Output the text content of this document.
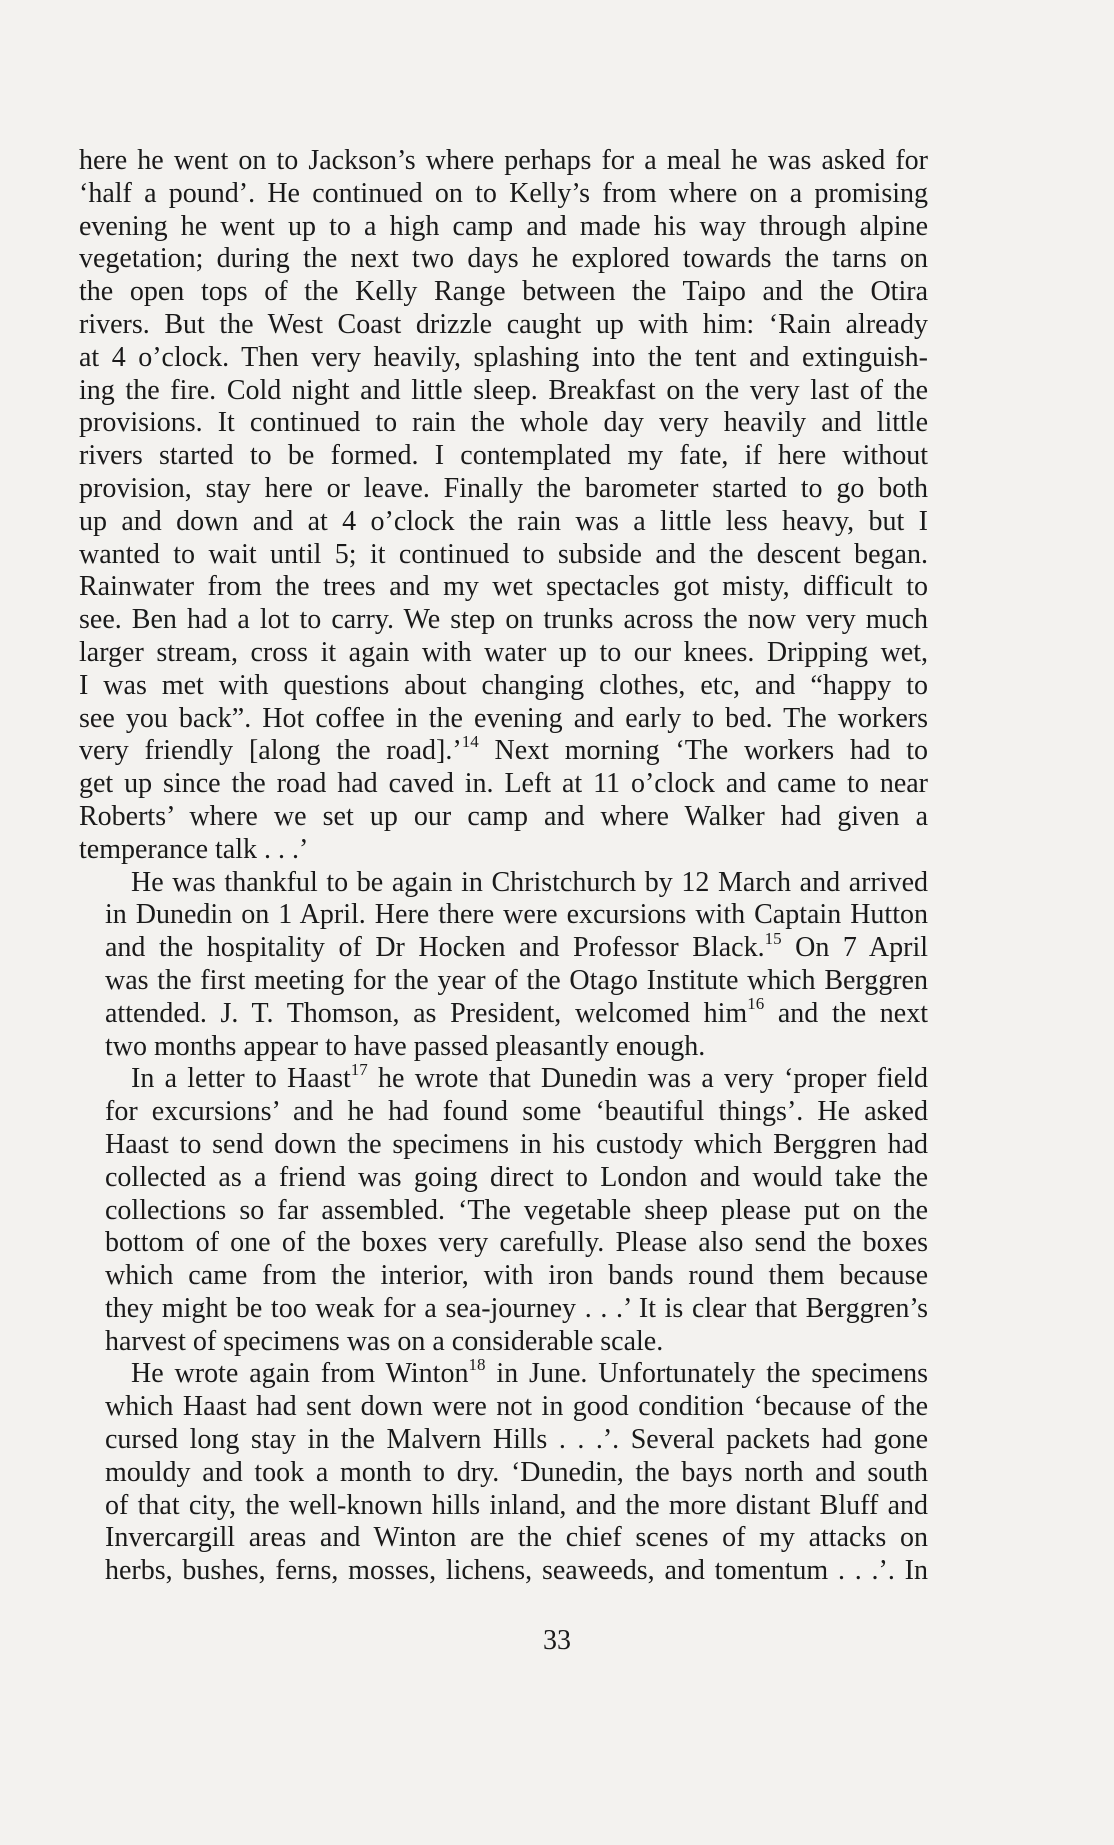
here he went on to Jackson’s where perhaps for a meal he was asked for
‘half a pound’. He continued on to Kelly’s from where on a promising
evening he went up to a high camp and made his way through alpine
vegetation; during the next two days he explored towards the tarns on
the open tops of the Kelly Range between the Taipo and the Otira
rivers. But the West Coast drizzle caught up with him: ‘Rain already
at 4 o’clock. Then very heavily, splashing into the tent and extinguish-
ing the fire. Cold night and little sleep. Breakfast on the very last of the
provisions. It continued to rain the whole day very heavily and little
rivers started to be formed. I contemplated my fate, if here without
provision, stay here or leave. Finally the barometer started to go both
up and down and at 4 o’clock the rain was a little less heavy, but I
wanted to wait until 5; it continued to subside and the descent began.
Rainwater from the trees and my wet spectacles got misty, difficult to
see. Ben had a lot to carry. We step on trunks across the now very much
larger stream, cross it again with water up to our knees. Dripping wet,
I was met with questions about changing clothes, etc, and “happy to
see you back”. Hot coffee in the evening and early to bed. The workers
very friendly [along the road].’$^{14}$ Next morning ‘The workers had to
get up since the road had caved in. Left at 11 o’clock and came to near
Roberts’ where we set up our camp and where Walker had given a
temperance talk . . .’
He was thankful to be again in Christchurch by 12 March and arrived
in Dunedin on 1 April. Here there were excursions with Captain Hutton
and the hospitality of Dr Hocken and Professor Black.$^{15}$ On 7 April
was the first meeting for the year of the Otago Institute which Berggren
attended. J. T. Thomson, as President, welcomed him$^{16}$ and the next
two months appear to have passed pleasantly enough.
In a letter to Haast$^{17}$ he wrote that Dunedin was a very ‘proper field
for excursions’ and he had found some ‘beautiful things’. He asked
Haast to send down the specimens in his custody which Berggren had
collected as a friend was going direct to London and would take the
collections so far assembled. ‘The vegetable sheep please put on the
bottom of one of the boxes very carefully. Please also send the boxes
which came from the interior, with iron bands round them because
they might be too weak for a sea-journey . . .’ It is clear that Berggren’s
harvest of specimens was on a considerable scale.
He wrote again from Winton$^{18}$ in June. Unfortunately the specimens
which Haast had sent down were not in good condition ‘because of the
cursed long stay in the Malvern Hills . . .’. Several packets had gone
mouldy and took a month to dry. ‘Dunedin, the bays north and south
of that city, the well-known hills inland, and the more distant Bluff and
Invercargill areas and Winton are the chief scenes of my attacks on
herbs, bushes, ferns, mosses, lichens, seaweeds, and tomentum . . .’. In
33
